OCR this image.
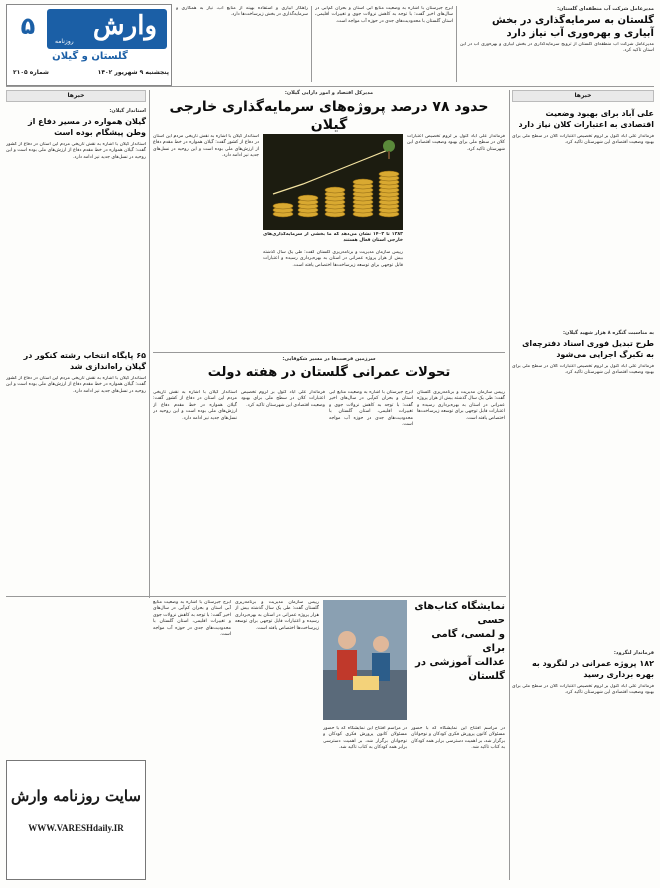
وارش
روزنامه
۵
گلستان و گیلان
پنجشنبه ۹ شهریور ۱۴۰۲
شماره ۲۱۰۵
راهکار آبیاری و استفاده بهینه از منابع آب، نیاز به همکاری و سرمایه‌گذاری در بخش زیرساخت‌ها دارد.
ابرج جیرستان با اشاره به وضعیت منابع آبی استان و بحران کم‌آبی در سال‌های اخیر گفت: با توجه به کاهش نزولات جوی و تغییرات اقلیمی، استان گلستان با محدودیت‌های جدی در حوزه آب مواجه است.
مدیرعامل شرکت آب منطقه‌ای گلستان:
گلستان به سرمایه‌گذاری در بخش آبیاری و بهره‌وری آب نیاز دارد
مدیرعامل شرکت آب منطقه‌ای گلستان از ترویج سرمایه‌گذاری در بخش آبیاری و بهره‌وری آب در این استان تاکید کرد.
خبرها
استاندار گیلان:
گیلان همواره در مسیر دفاع از وطن پیشگام بوده است
استاندار گیلان با اشاره به نقش تاریخی مردم این استان در دفاع از کشور گفت: گیلان همواره در خط مقدم دفاع از ارزش‌های ملی بوده است و این روحیه در نسل‌های جدید نیز ادامه دارد.
۶۵ پایگاه انتخاب رشته کنکور در گیلان راه‌اندازی شد
استاندار گیلان با اشاره به نقش تاریخی مردم این استان در دفاع از کشور گفت: گیلان همواره در خط مقدم دفاع از ارزش‌های ملی بوده است و این روحیه در نسل‌های جدید نیز ادامه دارد.
خبرها
علی آباد برای بهبود وضعیت اقتصادی به اعتبارات کلان نیاز دارد
فرماندار علی آباد کتول بر لزوم تخصیص اعتبارات کلان در سطح ملی برای بهبود وضعیت اقتصادی این شهرستان تاکید کرد.
به مناسبت گنگره ۸ هزار شهید گیلان:
طرح تبدیل فوری اسناد دفترچه‌ای به تکبرگ اجرایی می‌شود
فرماندار علی آباد کتول بر لزوم تخصیص اعتبارات کلان در سطح ملی برای بهبود وضعیت اقتصادی این شهرستان تاکید کرد.
فرماندار لنگرود:
۱۸۲ پروژه عمرانی در لنگرود به بهره برداری رسید
فرماندار علی آباد کتول بر لزوم تخصیص اعتبارات کلان در سطح ملی برای بهبود وضعیت اقتصادی این شهرستان تاکید کرد.
مدیرکل اقتصاد و امور دارایی گیلان:
حدود ۷۸ درصد پروژه‌های سرمایه‌گذاری خارجی گیلان
۱۳۸۳ تا ۱۴۰۳ نشان می‌دهد که ما بخشی از سرمایه‌گذاری‌های خارجی استان فعال هستند
فرماندار علی آباد کتول بر لزوم تخصیص اعتبارات کلان در سطح ملی برای بهبود وضعیت اقتصادی این شهرستان تاکید کرد.
استاندار گیلان با اشاره به نقش تاریخی مردم این استان در دفاع از کشور گفت: گیلان همواره در خط مقدم دفاع از ارزش‌های ملی بوده است و این روحیه در نسل‌های جدید نیز ادامه دارد.
رییس سازمان مدیریت و برنامه‌ریزی گلستان گفت: طی یک سال گذشته بیش از هزار پروژه عمرانی در استان به بهره‌برداری رسیده و اعتبارات قابل توجهی برای توسعه زیرساخت‌ها اختصاص یافته است.
سرزمین فرصت‌ها در مسیر شکوفایی:
تحولات عمرانی گلستان در هفته دولت
رییس سازمان مدیریت و برنامه‌ریزی گلستان گفت: طی یک سال گذشته بیش از هزار پروژه عمرانی در استان به بهره‌برداری رسیده و اعتبارات قابل توجهی برای توسعه زیرساخت‌ها اختصاص یافته است.
ابرج جیرستان با اشاره به وضعیت منابع آبی استان و بحران کم‌آبی در سال‌های اخیر گفت: با توجه به کاهش نزولات جوی و تغییرات اقلیمی، استان گلستان با محدودیت‌های جدی در حوزه آب مواجه است.
فرماندار علی آباد کتول بر لزوم تخصیص اعتبارات کلان در سطح ملی برای بهبود وضعیت اقتصادی این شهرستان تاکید کرد.
استاندار گیلان با اشاره به نقش تاریخی مردم این استان در دفاع از کشور گفت: گیلان همواره در خط مقدم دفاع از ارزش‌های ملی بوده است و این روحیه در نسل‌های جدید نیز ادامه دارد.
نمایشگاه کتاب‌های حسی
و لمسی، گامی برای
عدالت آموزشی در گلستان
در مراسم افتتاح این نمایشگاه که با حضور مسئولان کانون پرورش فکری کودکان و نوجوانان برگزار شد، بر اهمیت دسترسی برابر همه کودکان به کتاب تاکید شد.
در مراسم افتتاح این نمایشگاه که با حضور مسئولان کانون پرورش فکری کودکان و نوجوانان برگزار شد، بر اهمیت دسترسی برابر همه کودکان به کتاب تاکید شد.
رییس سازمان مدیریت و برنامه‌ریزی گلستان گفت: طی یک سال گذشته بیش از هزار پروژه عمرانی در استان به بهره‌برداری رسیده و اعتبارات قابل توجهی برای توسعه زیرساخت‌ها اختصاص یافته است.
ابرج جیرستان با اشاره به وضعیت منابع آبی استان و بحران کم‌آبی در سال‌های اخیر گفت: با توجه به کاهش نزولات جوی و تغییرات اقلیمی، استان گلستان با محدودیت‌های جدی در حوزه آب مواجه است.
سایت روزنامه وارش
WWW.VARESHdaily.IR
